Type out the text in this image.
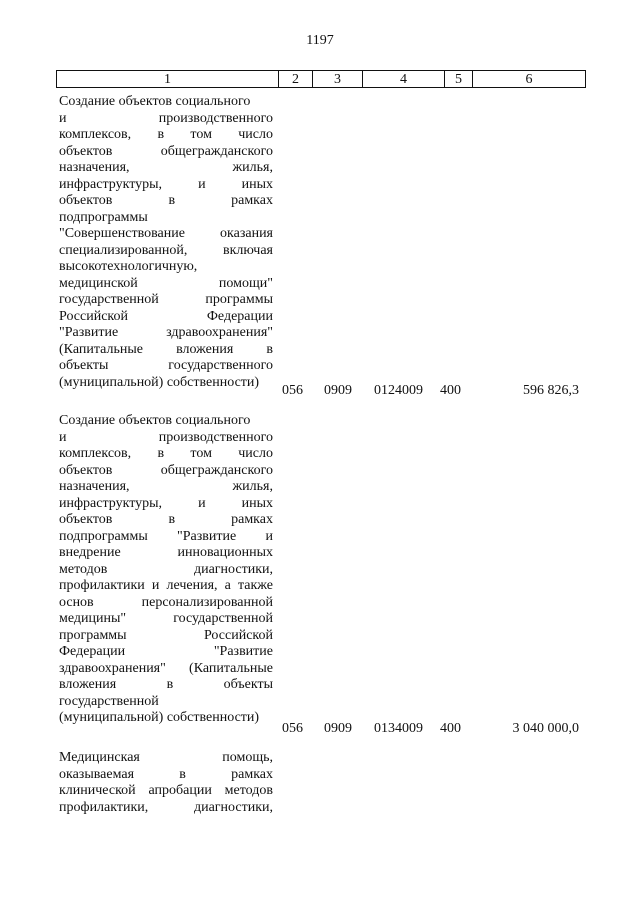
1197
1	2	3	4	5	6
Создание объектов социального
и производственного
комплексов, в том число
объектов общегражданского
назначения, жилья,
инфраструктуры, и иных
объектов в рамках
подпрограммы
"Совершенствование оказания
специализированной, включая
высокотехнологичную,
медицинской помощи"
государственной программы
Российской Федерации
"Развитие здравоохранения"
(Капитальные вложения в
объекты государственного
(муниципальной) собственности)
056 0909 0124009 400	596 826,3
Создание объектов социального
и производственного
комплексов, в том число
объектов общегражданского
назначения, жилья,
инфраструктуры, и иных
объектов в рамках
подпрограммы "Развитие и
внедрение инновационных
методов диагностики,
профилактики и лечения, а также
основ персонализированной
медицины" государственной
программы Российской
Федерации "Развитие
здравоохранения" (Капитальные
вложения в объекты
государственной
(муниципальной) собственности)
056 0909 0134009 400	3 040 000,0
Медицинская помощь,
оказываемая в рамках
клинической апробации методов
профилактики, диагностики,
